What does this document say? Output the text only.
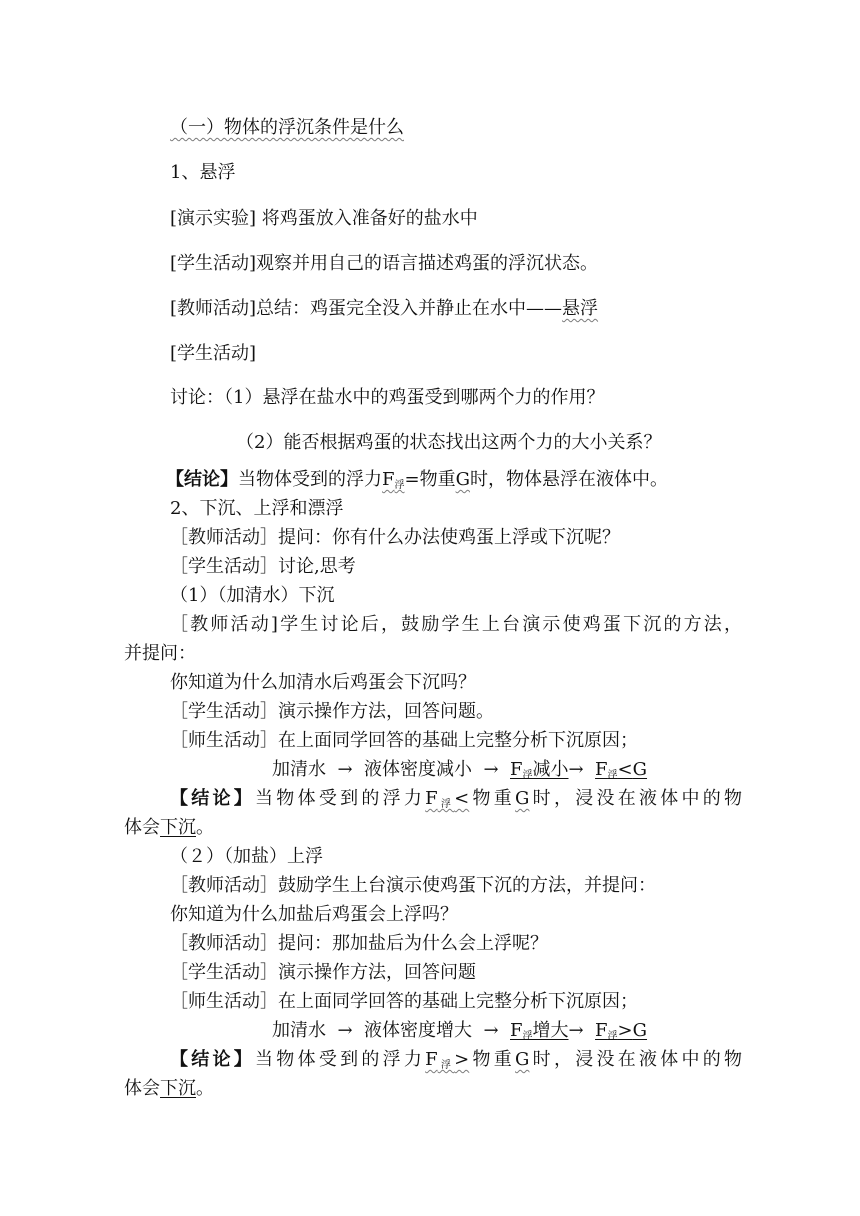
（一）物体的浮沉条件是什么
1、悬浮
[演示实验] 将鸡蛋放入准备好的盐水中
[学生活动]观察并用自己的语言描述鸡蛋的浮沉状态。
[教师活动]总结：鸡蛋完全没入并静止在水中——悬浮
[学生活动]
讨论：（1）悬浮在盐水中的鸡蛋受到哪两个力的作用？
（2）能否根据鸡蛋的状态找出这两个力的大小关系？
【结论】当物体受到的浮力$F_浮=$物重G时，物体悬浮在液体中。
2、下沉、上浮和漂浮
［教师活动］提问：你有什么办法使鸡蛋上浮或下沉呢？
［学生活动］讨论,思考
（1）（加清水）下沉
［教师活动]学生讨论后，鼓励学生上台演示使鸡蛋下沉的方法，
并提问：
你知道为什么加清水后鸡蛋会下沉吗？
［学生活动］演示操作方法，回答问题。
［师生活动］在上面同学回答的基础上完整分析下沉原因；
加清水 → 液体密度减小 → $F_浮$减小→ $F_浮<G$
【结论】当物体受到的浮力$F_浮<$物重G时，浸没在液体中的物
体会下沉。
（２）（加盐）上浮
［教师活动］鼓励学生上台演示使鸡蛋下沉的方法，并提问：
你知道为什么加盐后鸡蛋会上浮吗？
［教师活动］提问：那加盐后为什么会上浮呢？
［学生活动］演示操作方法，回答问题
［师生活动］在上面同学回答的基础上完整分析下沉原因；
加清水 → 液体密度增大 → $F_浮$增大→ $F_浮>G$
【结论】当物体受到的浮力$F_浮>$物重G时，浸没在液体中的物
体会下沉。
